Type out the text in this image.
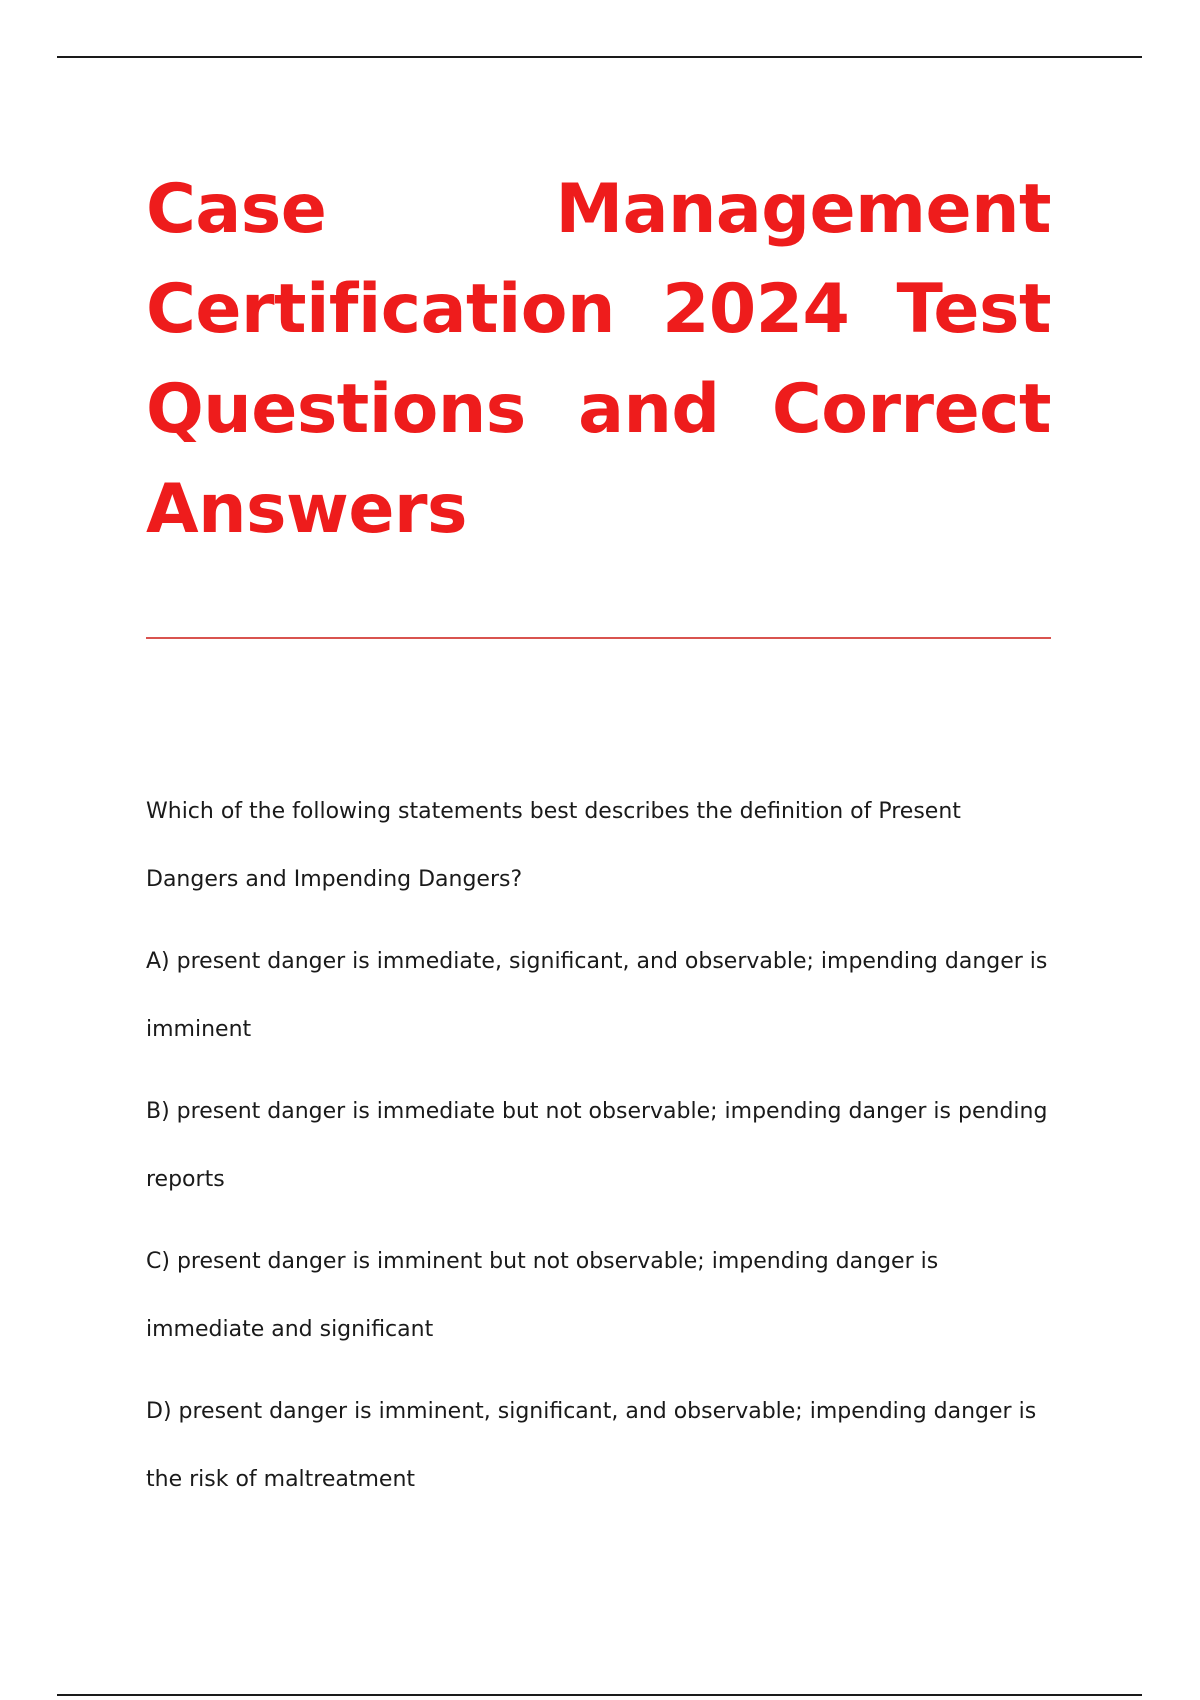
Case Management Certification 2024 Test Questions and Correct Answers

Which of the following statements best describes the definition of Present Dangers and Impending Dangers?

A) present danger is immediate, significant, and observable; impending danger is imminent

B) present danger is immediate but not observable; impending danger is pending reports

C) present danger is imminent but not observable; impending danger is immediate and significant

D) present danger is imminent, significant, and observable; impending danger is the risk of maltreatment
